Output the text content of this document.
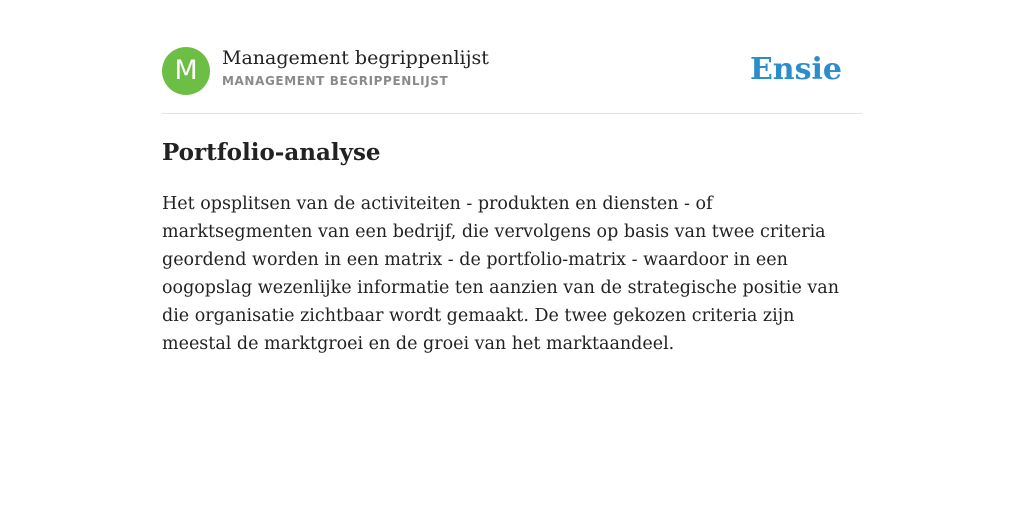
M	Management begrippenlijst
MANAGEMENT BEGRIPPENLIJST	Ensie
Portfolio-analyse

Het opsplitsen van de activiteiten - produkten en diensten - of marktsegmenten van een bedrijf, die vervolgens op basis van twee criteria geordend worden in een matrix - de portfolio-matrix - waardoor in een oogopslag wezenlijke informatie ten aanzien van de strategische positie van die organisatie zichtbaar wordt gemaakt. De twee gekozen criteria zijn meestal de marktgroei en de groei van het marktaandeel.
